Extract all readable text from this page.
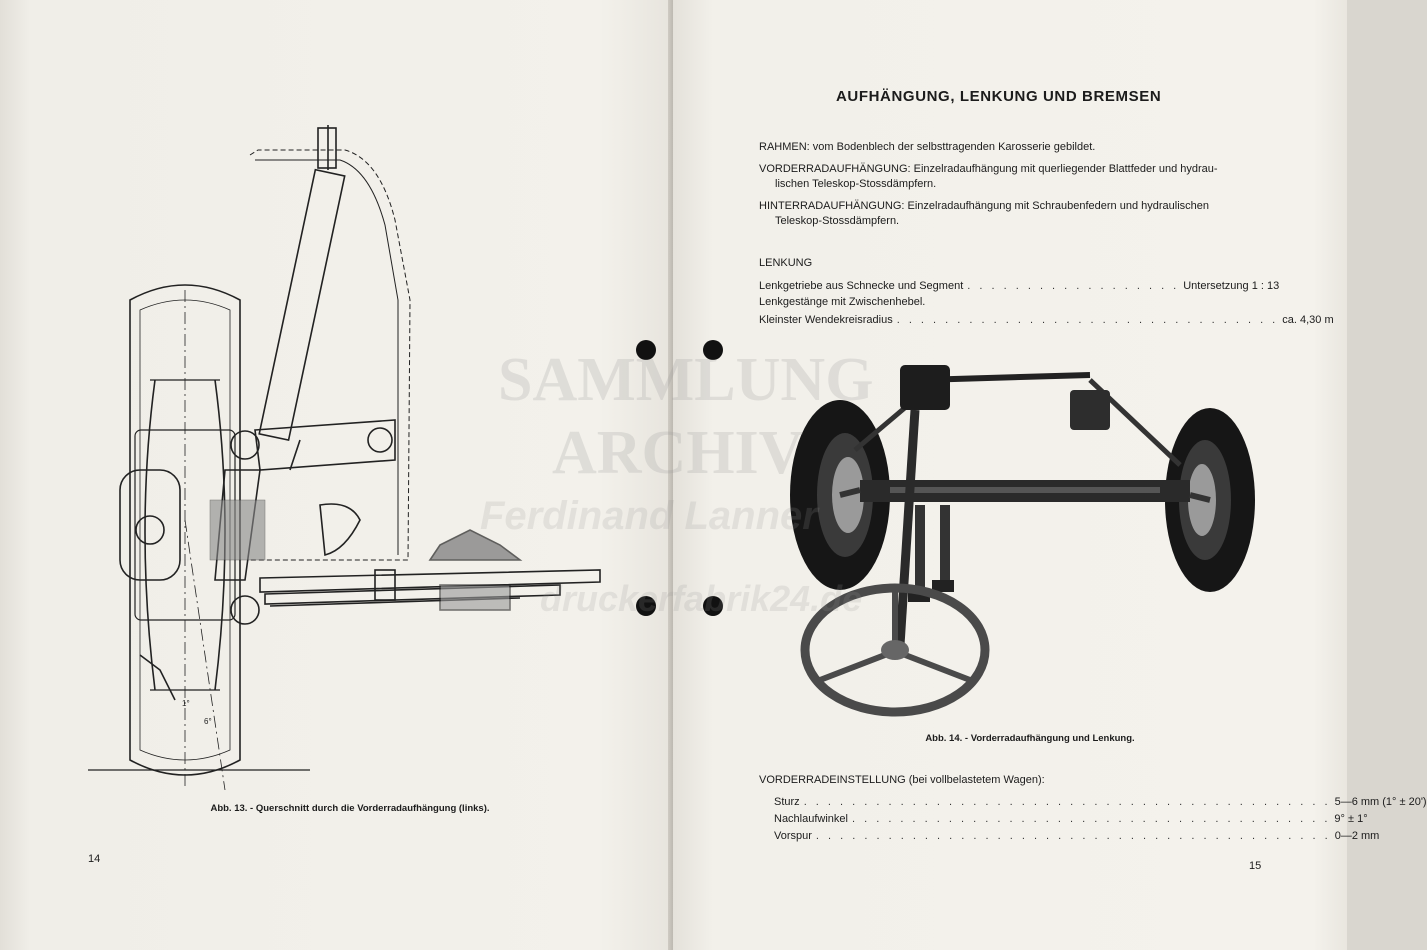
1°
6°
Abb. 13. - Querschnitt durch die Vorderradaufhängung (links).
14
AUFHÄNGUNG, LENKUNG UND BREMSEN
RAHMEN: vom Bodenblech der selbsttragenden Karosserie gebildet.
VORDERRADAUFHÄNGUNG: Einzelradaufhängung mit querliegender Blattfeder und hydrau-
lischen Teleskop-Stossdämpfern.
HINTERRADAUFHÄNGUNG: Einzelradaufhängung mit Schraubenfedern und hydraulischen
Teleskop-Stossdämpfern.
LENKUNG
Lenkgetriebe aus Schnecke und Segment . . . . . . . . . . . . . . . . . . Untersetzung 1 : 13
Lenkgestänge mit Zwischenhebel.
Kleinster Wendekreisradius . . . . . . . . . . . . . . . . . . . . . . . . . . . . . . . . ca. 4,30 m
Abb. 14. - Vorderradaufhängung und Lenkung.
VORDERRADEINSTELLUNG (bei vollbelastetem Wagen):
Sturz . . . . . . . . . . . . . . . . . . . . . . . . . . . . . . . . . . . . . . . . . . . . 5—6 mm (1° ± 20')
Nachlaufwinkel . . . . . . . . . . . . . . . . . . . . . . . . . . . . . . . . . . . . . . . . 9° ± 1°
Vorspur . . . . . . . . . . . . . . . . . . . . . . . . . . . . . . . . . . . . . . . . . . . 0—2 mm
15
SAMMLUNG
ARCHIV
